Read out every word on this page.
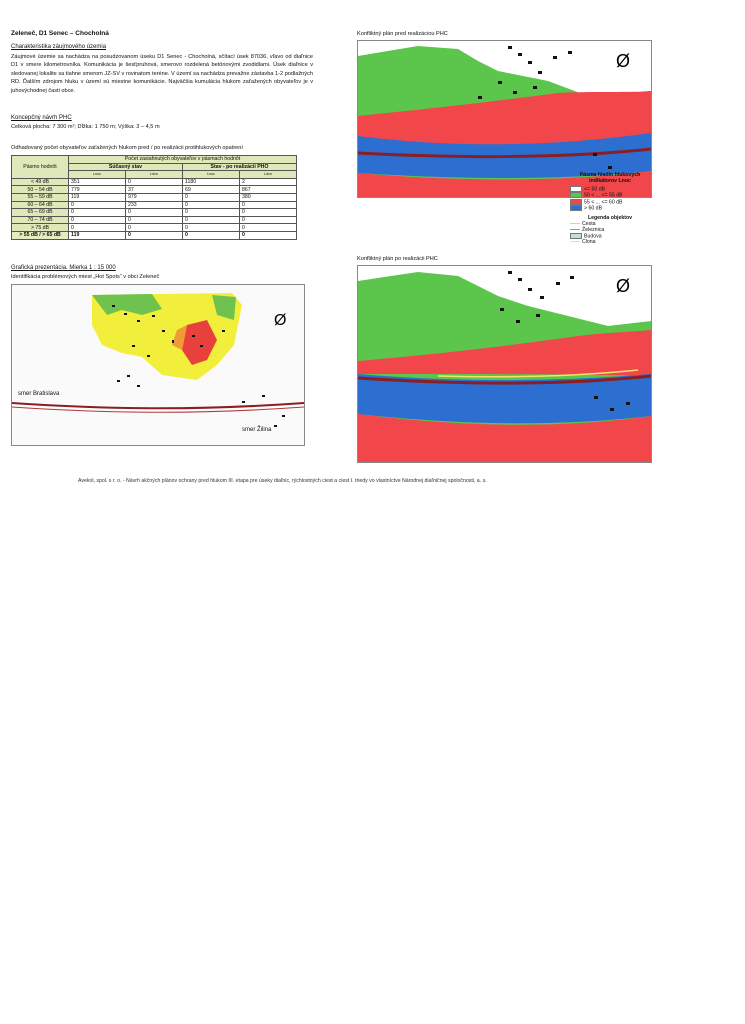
Zeleneč, D1 Senec – Chocholná
Charakteristika záujmového územia
Záujmové územie sa nachádza na posudzovanom úseku D1 Senec - Chocholná, sčítací úsek 87036, vľavo od diaľnice D1 v smere kilometrovníka. Komunikácia je šesťpruhová, smerovo rozdelená betónovými zvodidlami. Úsek diaľnice v sledovanej lokalite sa tiahne smerom JZ-SV v rovinatom teréne. V území sa nachádza prevažne zástavba 1-2 podlažných RD. Ďalším zdrojom hluku v území sú miestne komunikácie. Najväčšia kumulácia hlukom zaťažených obyvateľov je v juhovýchodnej časti obce.
Koncepčný návrh PHC
Celková plocha: 7 300 m²; Dĺžka: 1 750 m; Výška: 3 – 4,5 m
Odhadovaný počet obyvateľov zaťažených hlukom pred / po realizácii protihlukových opatrení
Pásmo hodnôt	Počet zasiahnutých obyvateľov v pásmach hodnôt			
	Súčasný stav		Stav - po realizácii PHO	
	Lnoc	Ldvn	Lnoc	Ldvn
< 49 dB	351	0	1180	2
50 – 54 dB	779	37	69	867
55 – 59 dB	119	979	0	380
60 – 64 dB	0	233	0	0
65 – 69 dB	0	0	0	0
70 – 74 dB	0	0	0	0
> 75 dB	0	0	0	0
> 55 dB / > 65 dB	119	0	0	0
Grafická prezentácia. Mierka 1 : 15 000
Identifikácia problémových miest „Hot Spots“ v obci Zeleneč
Ø
smer Bratislava
smer Žilina
Konfliktný plán pred realizáciou PHC
Ø
Pásma hladín hlukových
indikátorov Lnoc
<= 50 dB
50 < ... <= 55 dB
55 < ... <= 60 dB
> 60 dB
Legenda objektov
Cesta
Železnica
Budova
Clona
Konfliktný plán po realizácii PHC
Ø
Avekol, spol. s r. o. - Návrh akčných plánov ochrany pred hlukom III. etapa pre úseky diaľnic, rýchlostných ciest a ciest I. triedy vo vlastníctve Národnej diaľničnej spoločnosti, a. s.
